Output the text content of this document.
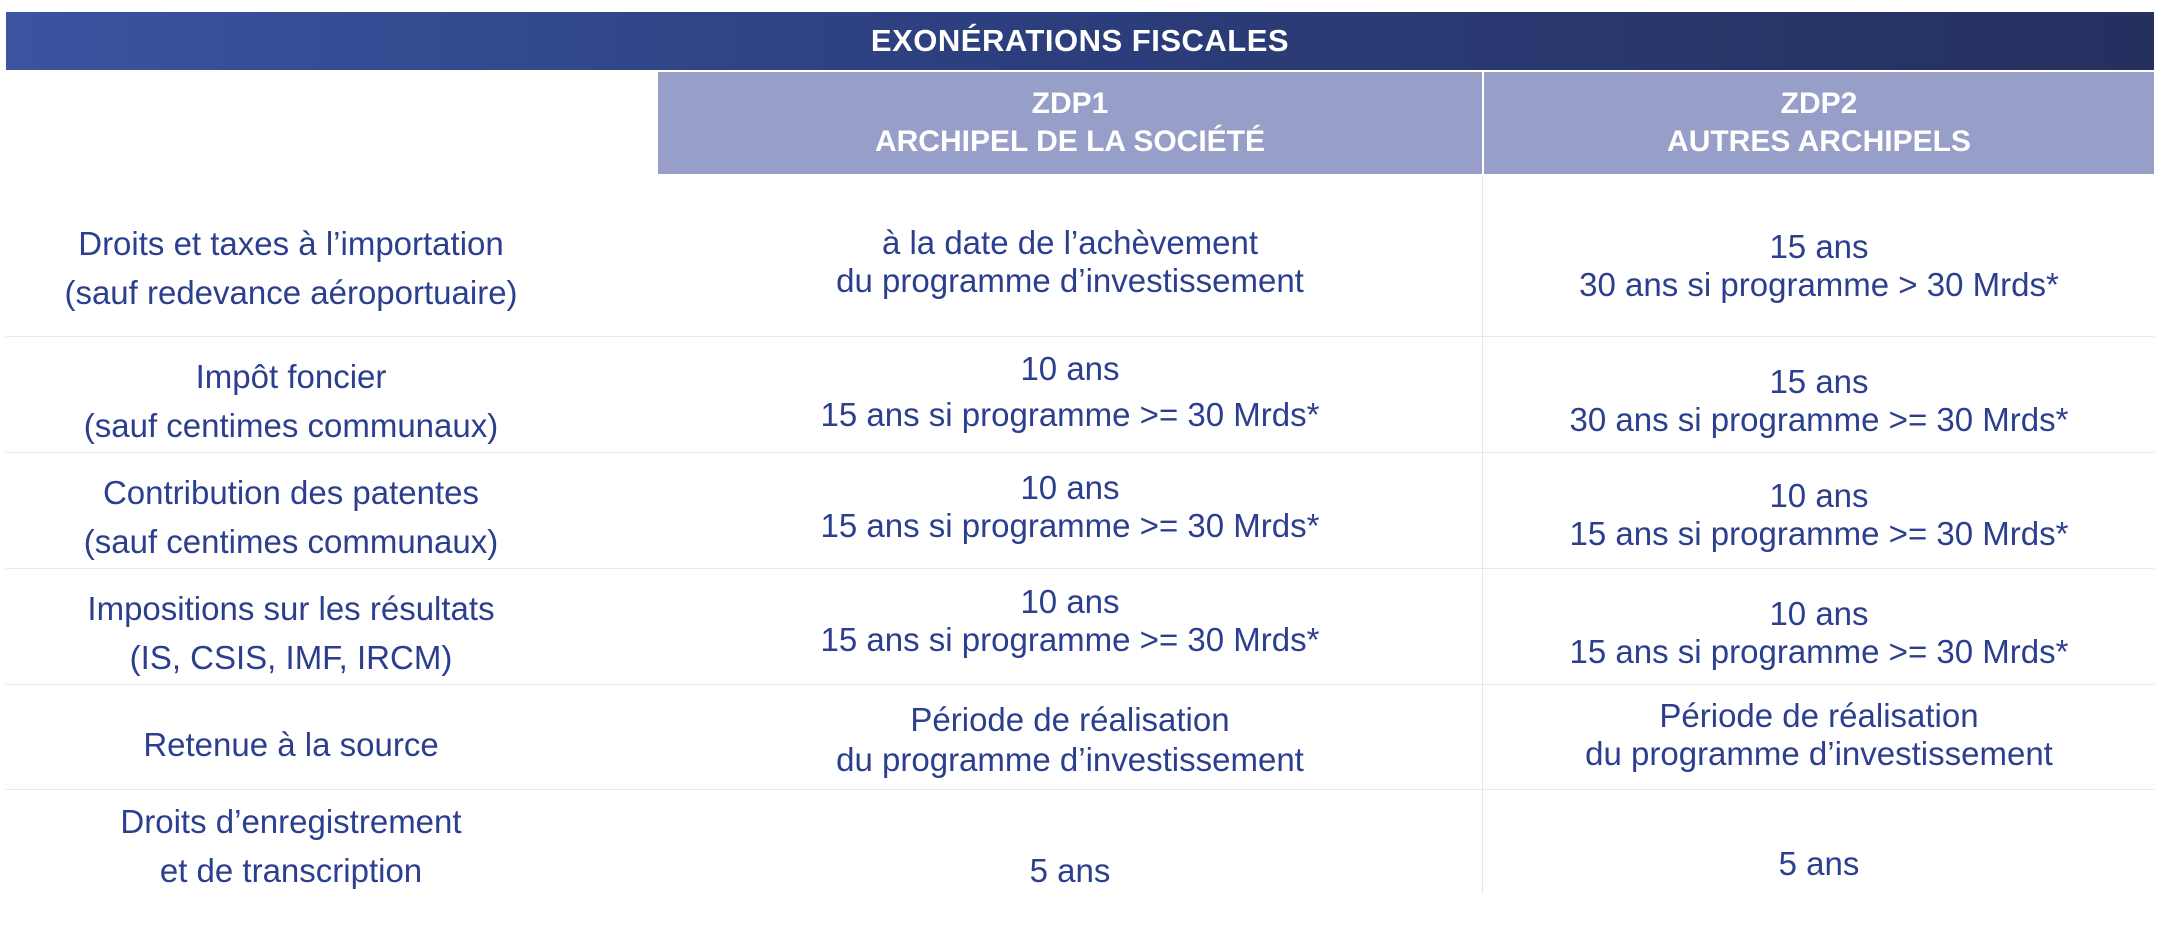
EXONÉRATIONS FISCALES
ZDP1
ARCHIPEL DE LA SOCIÉTÉ
ZDP2
AUTRES ARCHIPELS
Droits et taxes à l’importation
(sauf redevance aéroportuaire)
à la date de l’achèvement
du programme d’investissement
15 ans
30 ans si programme > 30 Mrds*
Impôt foncier
(sauf centimes communaux)
10 ans
15 ans si programme >= 30 Mrds*
15 ans
30 ans si programme >= 30 Mrds*
Contribution des patentes
(sauf centimes communaux)
10 ans
15 ans si programme >= 30 Mrds*
10 ans
15 ans si programme >= 30 Mrds*
Impositions sur les résultats
(IS, CSIS, IMF, IRCM)
10 ans
15 ans si programme >= 30 Mrds*
10 ans
15 ans si programme >= 30 Mrds*
Retenue à la source
Période de réalisation
du programme d’investissement
Période de réalisation
du programme d’investissement
Droits d’enregistrement
et de transcription	5 ans	5 ans
